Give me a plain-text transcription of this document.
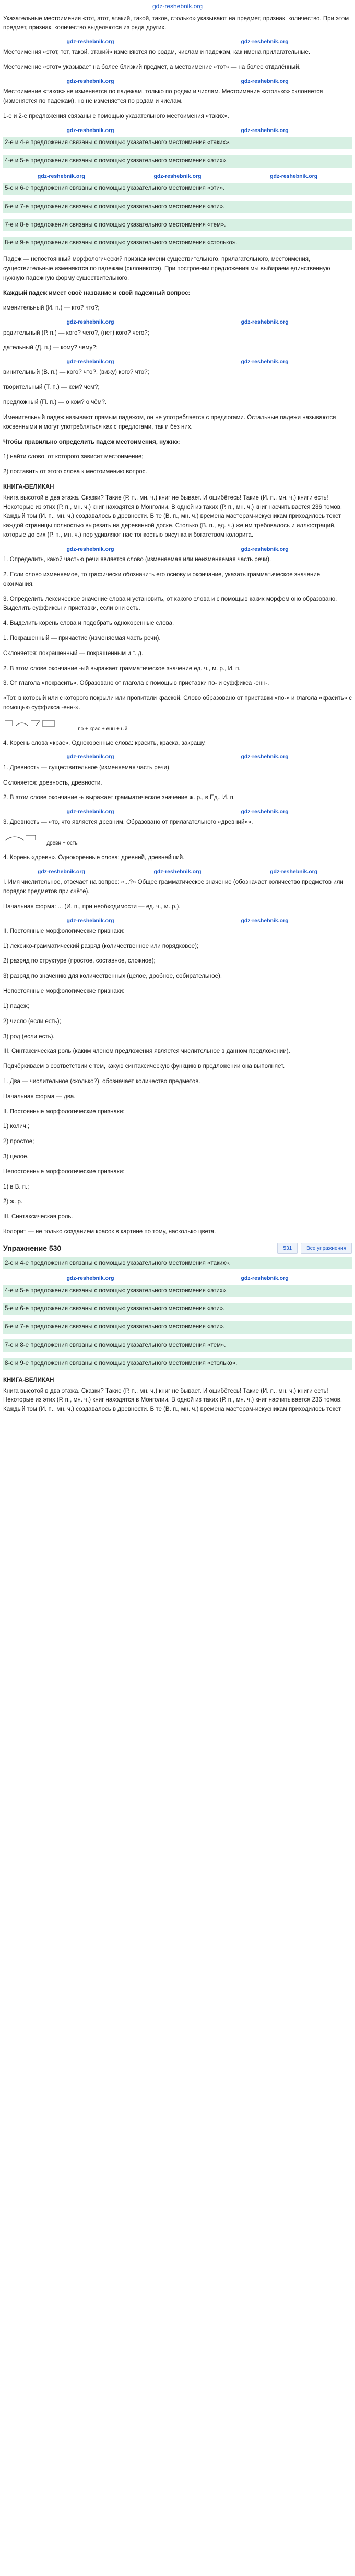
gdz-reshebnik.org

Указательные местоимения «тот, этот, атакий, такой, таков, столько» указывают на предмет, признак, количество. При этом предмет, признак, количество выделяются из ряда других.

gdz-reshebnik.org	gdz-reshebnik.org

Местоимения «этот, тот, такой, этакий» изменяются по родам, числам и падежам, как имена прилагательные.

Местоимение «этот» указывает на более близкий предмет, а местоимение «тот» — на более отдалённый.

gdz-reshebnik.org	gdz-reshebnik.org

Местоимение «таков» не изменяется по падежам, только по родам и числам. Местоимение «столько» склоняется (изменяется по падежам), но не изменяется по родам и числам.

1-е и 2-е предложения связаны с помощью указательного местоимения «таких».

gdz-reshebnik.org	gdz-reshebnik.org

2-е и 4-е предложения связаны с помощью указательного местоимения «таких».

4-е и 5-е предложения связаны с помощью указательного местоимения «этих».

gdz-reshebnik.org	gdz-reshebnik.org	gdz-reshebnik.org

5-е и 6-е предложения связаны с помощью указательного местоимения «эти».

6-е и 7-е предложения связаны с помощью указательного местоимения «эти».

7-е и 8-е предложения связаны с помощью указательного местоимения «тем».

8-е и 9-е предложения связаны с помощью указательного местоимения «столько».

Падеж — непостоянный морфологический признак имени существительного, прилагательного, местоимения, существительные изменяются по падежам (склоняются). При построении предложения мы выбираем единственную нужную падежную форму существительного.

Каждый падеж имеет своё название и свой падежный вопрос:

именительный (И. п.) — кто? что?;

gdz-reshebnik.org	gdz-reshebnik.org

родительный (Р. п.) — кого? чего?, (нет) кого? чего?;

дательный (Д. п.) — кому? чему?;

gdz-reshebnik.org	gdz-reshebnik.org

винительный (В. п.) — кого? что?, (вижу) кого? что?;

творительный (Т. п.) — кем? чем?;

предложный (П. п.) — о ком? о чём?.

Именительный падеж называют прямым падежом, он не употребляется с предлогами. Остальные падежи называются косвенными и могут употребляться как с предлогами, так и без них.

Чтобы правильно определить падеж местоимения, нужно:

1) найти слово, от которого зависит местоимение;

2) поставить от этого слова к местоимению вопрос.

КНИГА-ВЕЛИКАН

Книга высотой в два этажа. Сказки? Такие (Р. п., мн. ч.) книг не бывает. И ошибётесь! Такие (И. п., мн. ч.) книги есть! Некоторые из этих (Р. п., мн. ч.) книг находятся в Монголии. В одной из таких (Р. п., мн. ч.) книг насчитывается 236 томов. Каждый том (И. п., мн. ч.) создавалось в древности. В те (В. п., мн. ч.) времена мастерам-искусникам приходилось текст каждой страницы полностью вырезать на деревянной доске. Столько (В. п., ед. ч.) же им требовалось и иллюстраций, которые до сих (Р. п., мн. ч.) пор удивляют нас тонкостью рисунка и богатством колорита.

gdz-reshebnik.org	gdz-reshebnik.org

1. Определить, какой частью речи является слово (изменяемая или неизменяемая часть речи).

2. Если слово изменяемое, то графически обозначить его основу и окончание, указать грамматическое значение окончания.

3. Определить лексическое значение слова и установить, от какого слова и с помощью каких морфем оно образовано. Выделить суффиксы и приставки, если они есть.

4. Выделить корень слова и подобрать однокоренные слова.

1. Покрашенный — причастие (изменяемая часть речи).

Склоняется: покрашенный — покрашенным и т. д.

2. В этом слове окончание -ый выражает грамматическое значение ед. ч., м. р., И. п.

3. От глагола «покрасить». Образовано от глагола с помощью приставки по- и суффикса -енн-.

«Тот, в который или с которого покрыли или пропитали краской. Слово образовано от приставки «по-» и глагола «красить» с помощью суффикса -енн-».

по + крас + енн + ый

4. Корень слова «крас». Однокоренные слова: красить, краска, закрашу.

gdz-reshebnik.org	gdz-reshebnik.org

1. Древность — существительное (изменяемая часть речи).

Склоняется: древность, древности.

2. В этом слове окончание -ь выражает грамматическое значение ж. р., в Ед., И. п.

gdz-reshebnik.org	gdz-reshebnik.org

3. Древность — «то, что является древним. Образовано от прилагательного «древний»».

древн + ость

4. Корень «древн». Однокоренные слова: древний, древнейший.

gdz-reshebnik.org	gdz-reshebnik.org	gdz-reshebnik.org

I. Имя числительное, отвечает на вопрос: «...?» Общее грамматическое значение (обозначает количество предметов или порядок предметов при счёте).

Начальная форма: ... (И. п., при необходимости — ед. ч., м. р.).

gdz-reshebnik.org	gdz-reshebnik.org

II. Постоянные морфологические признаки:

1) лексико-грамматический разряд (количественное или порядковое);

2) разряд по структуре (простое, составное, сложное);

3) разряд по значению для количественных (целое, дробное, собирательное).

Непостоянные морфологические признаки:

1) падеж;

2) число (если есть);

3) род (если есть).

III. Синтаксическая роль (каким членом предложения является числительное в данном предложении).

Подчёркиваем в соответствии с тем, какую синтаксическую функцию в предложении она выполняет.

1. Два — числительное (сколько?), обозначает количество предметов.

Начальная форма — два.

II. Постоянные морфологические признаки:

1) колич.;

2) простое;

3) целое.

Непостоянные морфологические признаки:

1) в В. п.;

2) ж. р.

III. Синтаксическая роль.

Колорит — не только созданием красок в картине по тому, насколько цвета.

Упражнение 530	531	Все упражнения

2-е и 4-е предложения связаны с помощью указательного местоимения «таких».

gdz-reshebnik.org	gdz-reshebnik.org

4-е и 5-е предложения связаны с помощью указательного местоимения «этих».

5-е и 6-е предложения связаны с помощью указательного местоимения «эти».

6-е и 7-е предложения связаны с помощью указательного местоимения «эти».

7-е и 8-е предложения связаны с помощью указательного местоимения «тем».

8-е и 9-е предложения связаны с помощью указательного местоимения «столько».

КНИГА-ВЕЛИКАН

Книга высотой в два этажа. Сказки? Такие (Р. п., мн. ч.) книг не бывает. И ошибётесь! Такие (И. п., мн. ч.) книги есть! Некоторые из этих (Р. п., мн. ч.) книг находятся в Монголии. В одной из таких (Р. п., мн. ч.) книг насчитывается 236 томов. Каждый том (И. п., мн. ч.) создавалось в древности. В те (В. п., мн. ч.) времена мастерам-искусникам приходилось текст
